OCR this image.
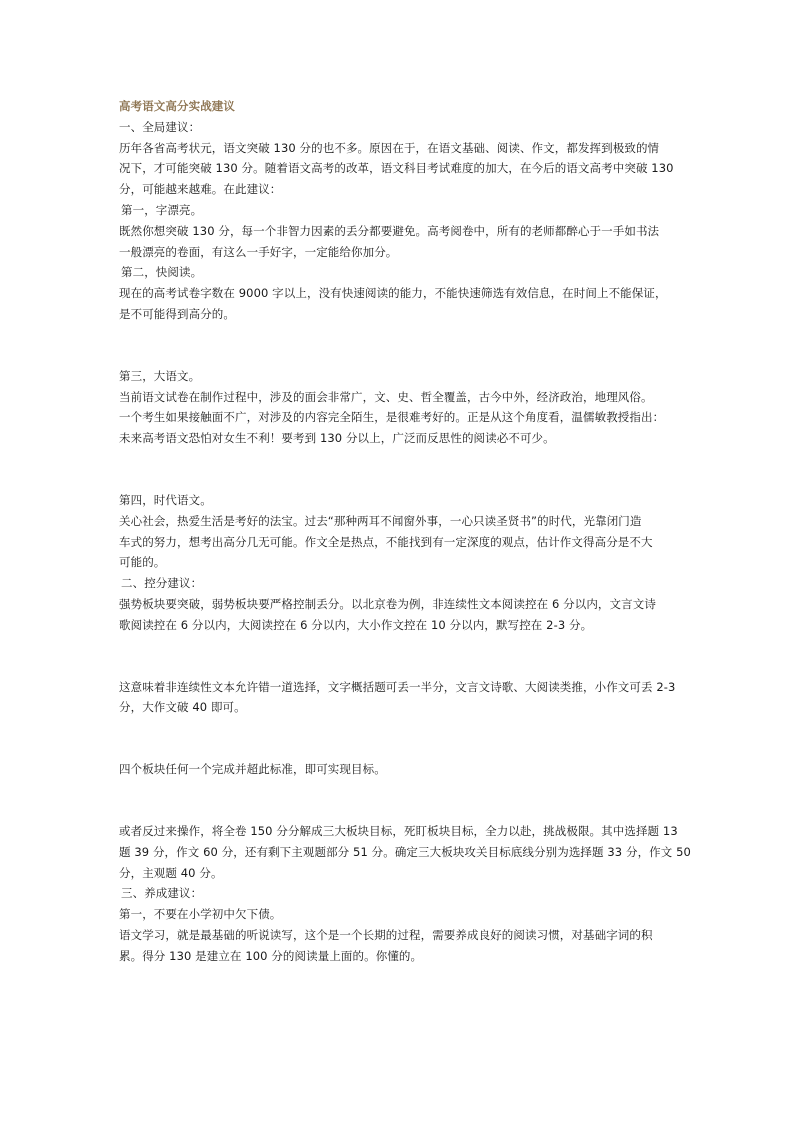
高考语文高分实战建议
一、全局建议：
历年各省高考状元，语文突破 130 分的也不多。原因在于，在语文基础、阅读、作文，都发挥到极致的情
况下，才可能突破 130 分。随着语文高考的改革，语文科目考试难度的加大，在今后的语文高考中突破 130
分，可能越来越难。在此建议：
第一，字漂亮。
既然你想突破 130 分，每一个非智力因素的丢分都要避免。高考阅卷中，所有的老师都醉心于一手如书法
一般漂亮的卷面，有这么一手好字，一定能给你加分。
第二，快阅读。
现在的高考试卷字数在 9000 字以上，没有快速阅读的能力，不能快速筛选有效信息，在时间上不能保证，
是不可能得到高分的。
第三，大语文。
当前语文试卷在制作过程中，涉及的面会非常广，文、史、哲全覆盖，古今中外，经济政治，地理风俗。
一个考生如果接触面不广，对涉及的内容完全陌生，是很难考好的。正是从这个角度看，温儒敏教授指出：
未来高考语文恐怕对女生不利！要考到 130 分以上，广泛而反思性的阅读必不可少。
第四，时代语文。
关心社会，热爱生活是考好的法宝。过去“那种两耳不闻窗外事，一心只读圣贤书”的时代，光靠闭门造
车式的努力，想考出高分几无可能。作文全是热点，不能找到有一定深度的观点，估计作文得高分是不大
可能的。
二、控分建议：
强势板块要突破，弱势板块要严格控制丢分。以北京卷为例，非连续性文本阅读控在 6 分以内，文言文诗
歌阅读控在 6 分以内，大阅读控在 6 分以内，大小作文控在 10 分以内，默写控在 2-3 分。
这意味着非连续性文本允许错一道选择，文字概括题可丢一半分，文言文诗歌、大阅读类推，小作文可丢 2-3
分，大作文破 40 即可。
四个板块任何一个完成并超此标准，即可实现目标。
或者反过来操作，将全卷 150 分分解成三大板块目标，死盯板块目标，全力以赴，挑战极限。其中选择题 13
题 39 分，作文 60 分，还有剩下主观题部分 51 分。确定三大板块攻关目标底线分别为选择题 33 分，作文 50
分，主观题 40 分。
三、养成建议：
第一，不要在小学初中欠下债。
语文学习，就是最基础的听说读写，这个是一个长期的过程，需要养成良好的阅读习惯，对基础字词的积
累。得分 130 是建立在 100 分的阅读量上面的。你懂的。
